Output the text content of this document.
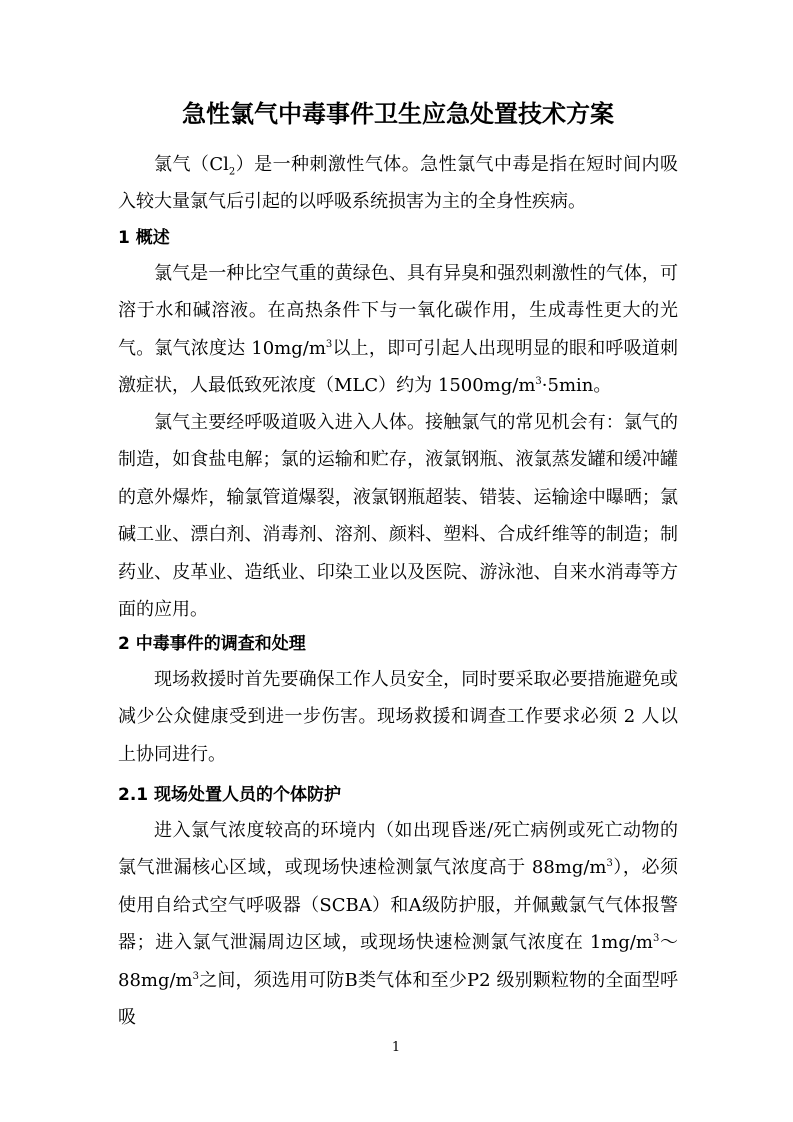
急性氯气中毒事件卫生应急处置技术方案

氯气$(Cl_2)$是一种刺激性气体。急性氯气中毒是指在短时间内吸入较大量氯气后引起的以呼吸系统损害为主的全身性疾病。

1 概述

氯气是一种比空气重的黄绿色、具有异臭和强烈刺激性的气体，可溶于水和碱溶液。在高热条件下与一氧化碳作用，生成毒性更大的光气。氯气浓度达 $10mg/m^3$以上，即可引起人出现明显的眼和呼吸道刺激症状，人最低致死浓度（MLC）约为 $1500mg/m^3\cdot 5\min$。

氯气主要经呼吸道吸入进入人体。接触氯气的常见机会有：氯气的制造，如食盐电解；氯的运输和贮存，液氯钢瓶、液氯蒸发罐和缓冲罐的意外爆炸，输氯管道爆裂，液氯钢瓶超装、错装、运输途中曝晒；氯碱工业、漂白剂、消毒剂、溶剂、颜料、塑料、合成纤维等的制造；制药业、皮革业、造纸业、印染工业以及医院、游泳池、自来水消毒等方面的应用。

2 中毒事件的调查和处理

现场救援时首先要确保工作人员安全，同时要采取必要措施避免或减少公众健康受到进一步伤害。现场救援和调查工作要求必须 2 人以上协同进行。

2.1 现场处置人员的个体防护

进入氯气浓度较高的环境内（如出现昏迷/死亡病例或死亡动物的氯气泄漏核心区域，或现场快速检测氯气浓度高于 $88mg/m^3$），必须使用自给式空气呼吸器（SCBA）和A级防护服，并佩戴氯气气体报警器；进入氯气泄漏周边区域，或现场快速检测氯气浓度在 $1mg/m^3\sim 88mg/m^3$之间，须选用可防B类气体和至少P2 级别颗粒物的全面型呼吸

1
